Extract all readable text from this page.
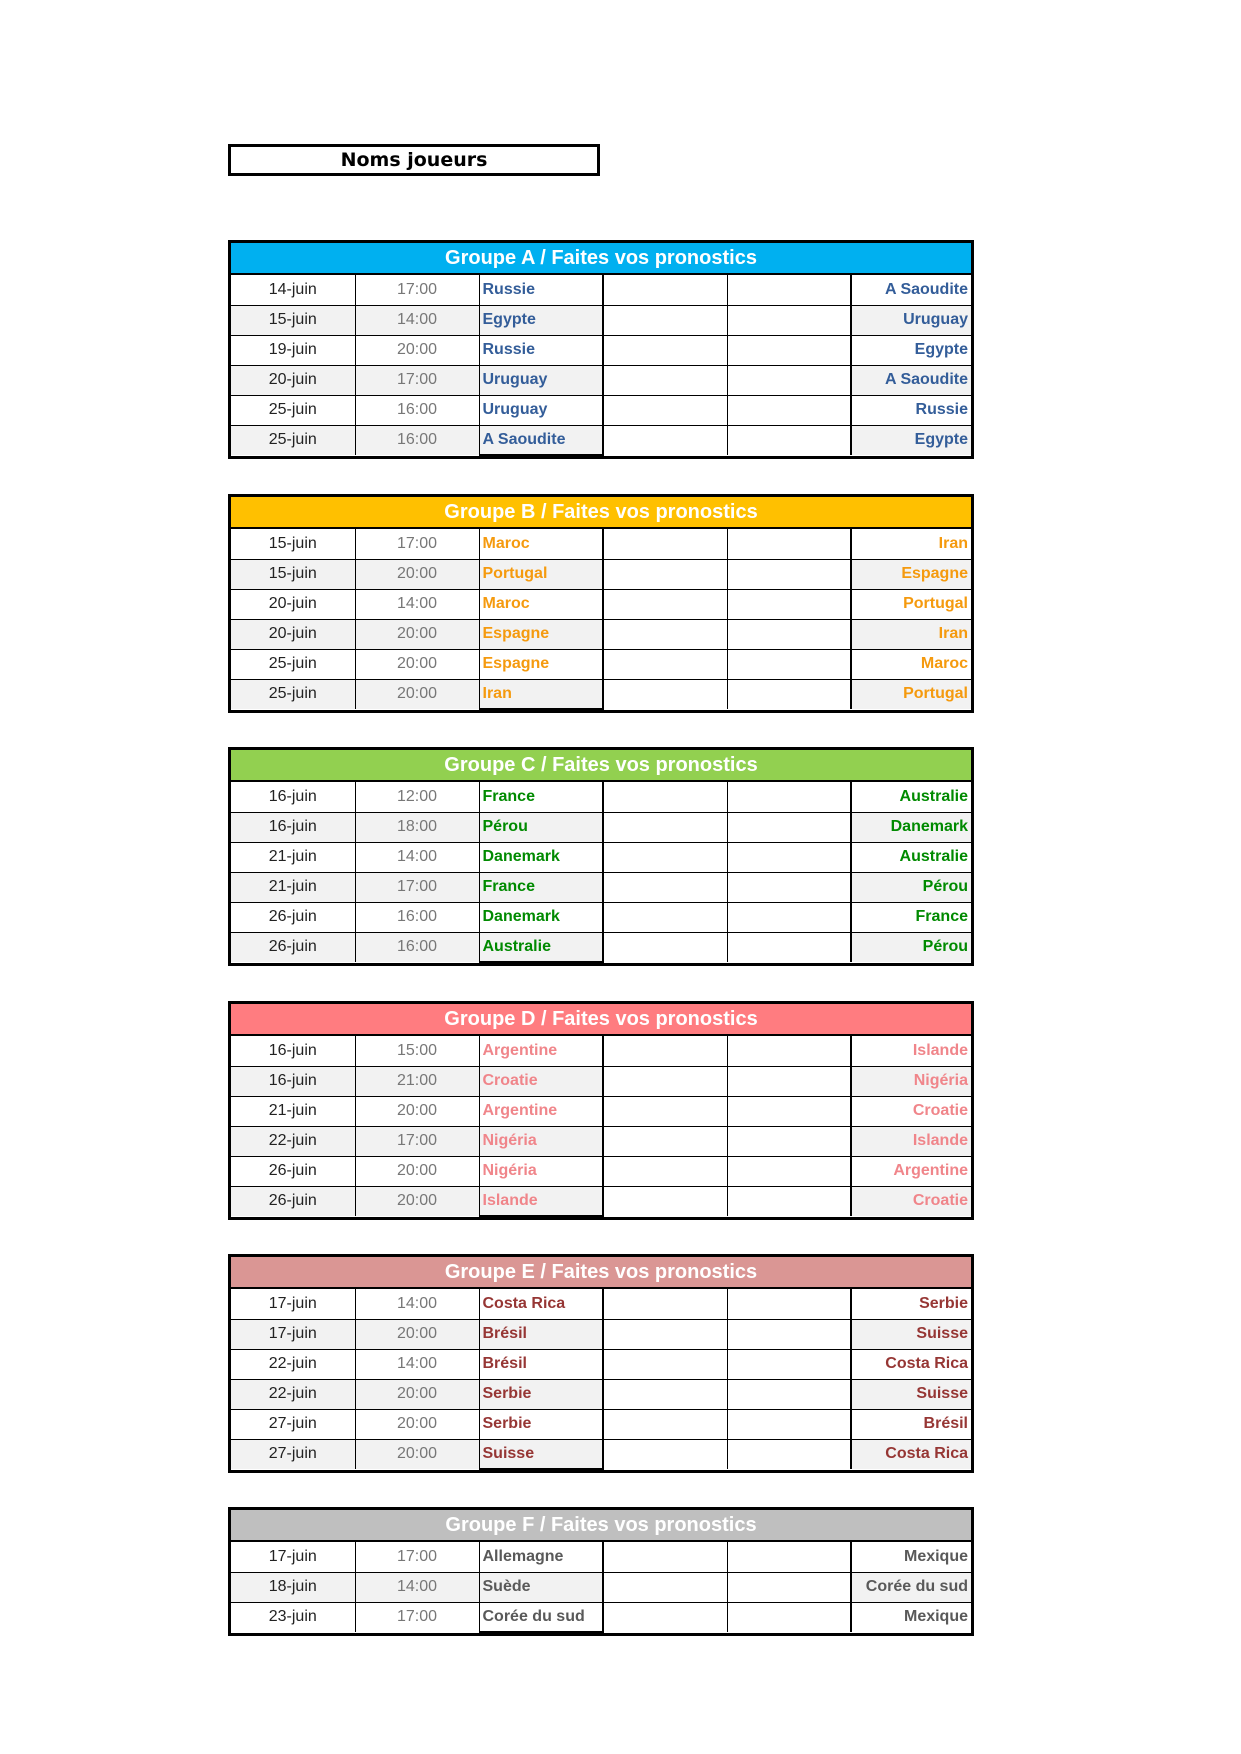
Noms joueurs
Groupe A / Faites vos pronostics
14-juin	17:00	Russie			A Saoudite
15-juin	14:00	Egypte			Uruguay
19-juin	20:00	Russie			Egypte
20-juin	17:00	Uruguay			A Saoudite
25-juin	16:00	Uruguay			Russie
25-juin	16:00	A Saoudite			Egypte
Groupe B / Faites vos pronostics
15-juin	17:00	Maroc			Iran
15-juin	20:00	Portugal			Espagne
20-juin	14:00	Maroc			Portugal
20-juin	20:00	Espagne			Iran
25-juin	20:00	Espagne			Maroc
25-juin	20:00	Iran			Portugal
Groupe C / Faites vos pronostics
16-juin	12:00	France			Australie
16-juin	18:00	Pérou			Danemark
21-juin	14:00	Danemark			Australie
21-juin	17:00	France			Pérou
26-juin	16:00	Danemark			France
26-juin	16:00	Australie			Pérou
Groupe D / Faites vos pronostics
16-juin	15:00	Argentine			Islande
16-juin	21:00	Croatie			Nigéria
21-juin	20:00	Argentine			Croatie
22-juin	17:00	Nigéria			Islande
26-juin	20:00	Nigéria			Argentine
26-juin	20:00	Islande			Croatie
Groupe E / Faites vos pronostics
17-juin	14:00	Costa Rica			Serbie
17-juin	20:00	Brésil			Suisse
22-juin	14:00	Brésil			Costa Rica
22-juin	20:00	Serbie			Suisse
27-juin	20:00	Serbie			Brésil
27-juin	20:00	Suisse			Costa Rica
Groupe F / Faites vos pronostics
17-juin	17:00	Allemagne			Mexique
18-juin	14:00	Suède			Corée du sud
23-juin	17:00	Corée du sud			Mexique
